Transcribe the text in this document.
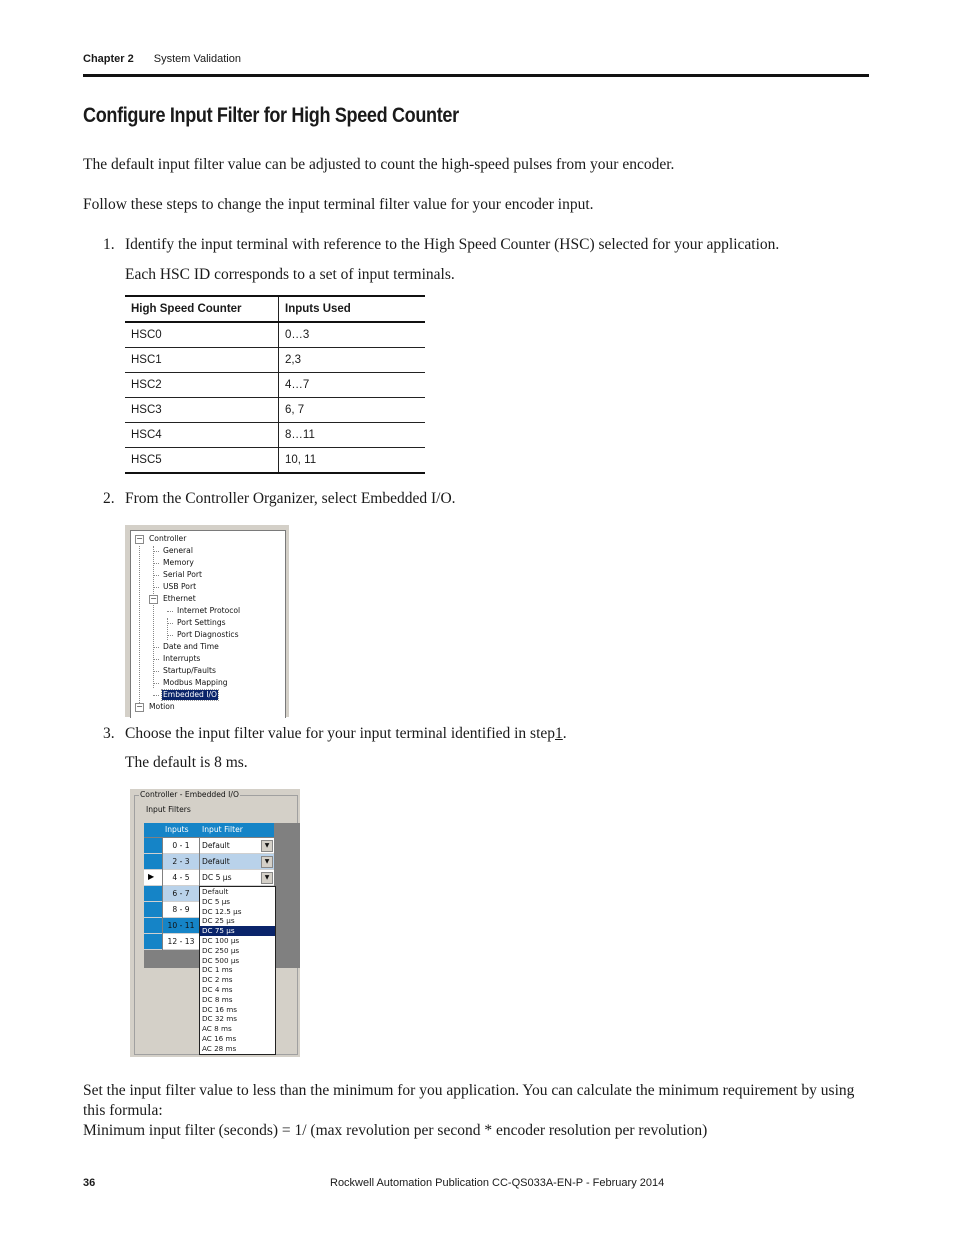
Chapter 2 System Validation
Configure Input Filter for High Speed Counter

The default input filter value can be adjusted to count the high-speed pulses from your encoder.

Follow these steps to change the input terminal filter value for your encoder input.

1. Identify the input terminal with reference to the High Speed Counter (HSC) selected for your application.

Each HSC ID corresponds to a set of input terminals.

High Speed Counter	Inputs Used
HSC0	0…3
HSC1	2,3
HSC2	4…7
HSC3	6, 7
HSC4	8…11
HSC5	10, 11
2. From the Controller Organizer, select Embedded I/O.

− Controller
General
Memory
Serial Port
USB Port
− Ethernet
Internet Protocol
Port Settings
Port Diagnostics
Date and Time
Interrupts
Startup/Faults
Modbus Mapping
Embedded I/O
− Motion
3. Choose the input filter value for your input terminal identified in step1.

The default is 8 ms.

Controller - Embedded I/O
Input Filters
Inputs Input Filter
0 - 1	Default	▼
2 - 3	Default	▼
▶	4 - 5	DC 5 µs	▼
6 - 7
8 - 9
10 - 11
12 - 13
Default
DC 5 µs
DC 12.5 µs
DC 25 µs
DC 75 µs
DC 100 µs
DC 250 µs
DC 500 µs
DC 1 ms
DC 2 ms
DC 4 ms
DC 8 ms
DC 16 ms
DC 32 ms
AC 8 ms
AC 16 ms
AC 28 ms

Set the input filter value to less than the minimum for you application. You can calculate the minimum requirement by using this formula:

Minimum input filter (seconds) = 1/ (max revolution per second * encoder resolution per revolution)

36	Rockwell Automation Publication CC-QS033A-EN-P - February 2014
